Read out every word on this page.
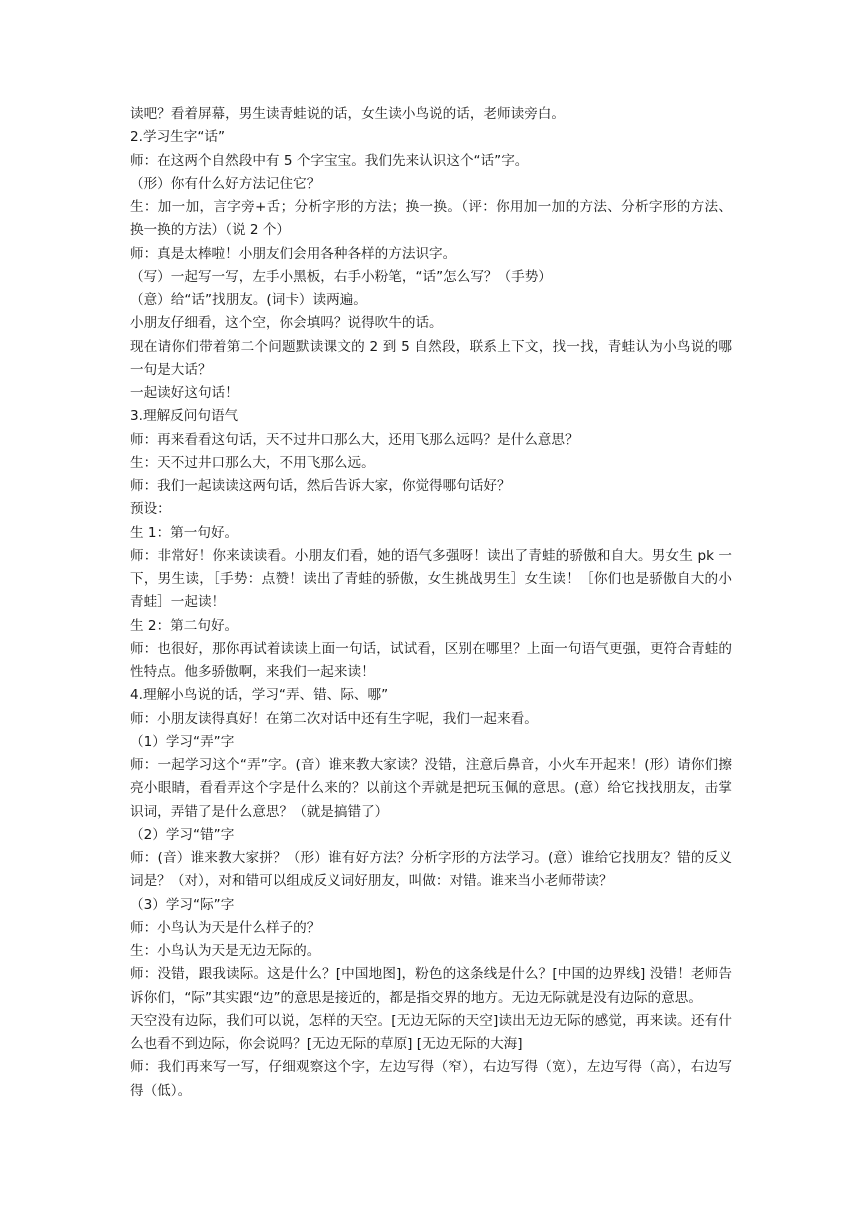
读吧？看着屏幕，男生读青蛙说的话，女生读小鸟说的话，老师读旁白。

2.学习生字“话”

师：在这两个自然段中有 5 个字宝宝。我们先来认识这个“话”字。

（形）你有什么好方法记住它？

生：加一加，言字旁+舌；分析字形的方法；换一换。（评：你用加一加的方法、分析字形的方法、换一换的方法）（说 2 个）

师：真是太棒啦！小朋友们会用各种各样的方法识字。

（写）一起写一写，左手小黑板，右手小粉笔，“话”怎么写？（手势）

（意）给“话”找朋友。(词卡）读两遍。

小朋友仔细看，这个空，你会填吗？说得吹牛的话。

现在请你们带着第二个问题默读课文的 2 到 5 自然段，联系上下文，找一找，青蛙认为小鸟说的哪一句是大话？

一起读好这句话！

3.理解反问句语气

师：再来看看这句话，天不过井口那么大，还用飞那么远吗？是什么意思？

生：天不过井口那么大，不用飞那么远。

师：我们一起读读这两句话，然后告诉大家，你觉得哪句话好？

预设：

生 1：第一句好。

师：非常好！你来读读看。小朋友们看，她的语气多强呀！读出了青蛙的骄傲和自大。男女生 pk 一下，男生读，［手势：点赞！读出了青蛙的骄傲，女生挑战男生］女生读！［你们也是骄傲自大的小青蛙］一起读！

生 2：第二句好。

师：也很好，那你再试着读读上面一句话，试试看，区别在哪里？上面一句语气更强，更符合青蛙的性特点。他多骄傲啊，来我们一起来读！

4.理解小鸟说的话，学习“弄、错、际、哪”

师：小朋友读得真好！在第二次对话中还有生字呢，我们一起来看。

（1）学习“弄”字

师：一起学习这个“弄”字。(音）谁来教大家读？没错，注意后鼻音，小火车开起来！(形）请你们擦亮小眼睛，看看弄这个字是什么来的？以前这个弄就是把玩玉佩的意思。(意）给它找找朋友，击掌识词，弄错了是什么意思？（就是搞错了）

（2）学习“错”字

师：(音）谁来教大家拼？（形）谁有好方法？分析字形的方法学习。(意）谁给它找朋友？错的反义词是？（对），对和错可以组成反义词好朋友，叫做：对错。谁来当小老师带读？

（3）学习“际”字

师：小鸟认为天是什么样子的？

生：小鸟认为天是无边无际的。

师：没错，跟我读际。这是什么？[中国地图]，粉色的这条线是什么？[中国的边界线] 没错！老师告诉你们，“际”其实跟“边”的意思是接近的，都是指交界的地方。无边无际就是没有边际的意思。

天空没有边际，我们可以说，怎样的天空。[无边无际的天空]读出无边无际的感觉，再来读。还有什么也看不到边际，你会说吗？[无边无际的草原] [无边无际的大海]

师：我们再来写一写，仔细观察这个字，左边写得（窄），右边写得（宽），左边写得（高），右边写得（低）。
